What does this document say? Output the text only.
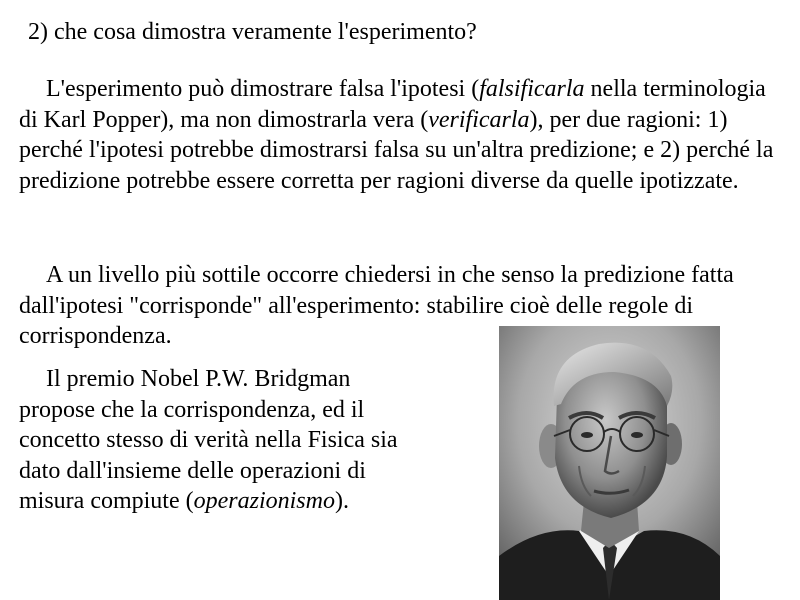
2) che cosa dimostra veramente l'esperimento?

L'esperimento può dimostrare falsa l'ipotesi (falsificarla nella terminologia di Karl Popper), ma non dimostrarla vera (verificarla), per due ragioni: 1) perché l'ipotesi potrebbe dimostrarsi falsa su un'altra predizione; e 2) perché la predizione potrebbe essere corretta per ragioni diverse da quelle ipotizzate.

A un livello più sottile occorre chiedersi in che senso la predizione fatta dall'ipotesi "corrisponde" all'esperimento: stabilire cioè delle regole di corrispondenza.

Il premio Nobel P.W. Bridgman propose che la corrispondenza, ed il concetto stesso di verità nella Fisica sia dato dall'insieme delle operazioni di misura compiute (operazionismo).
